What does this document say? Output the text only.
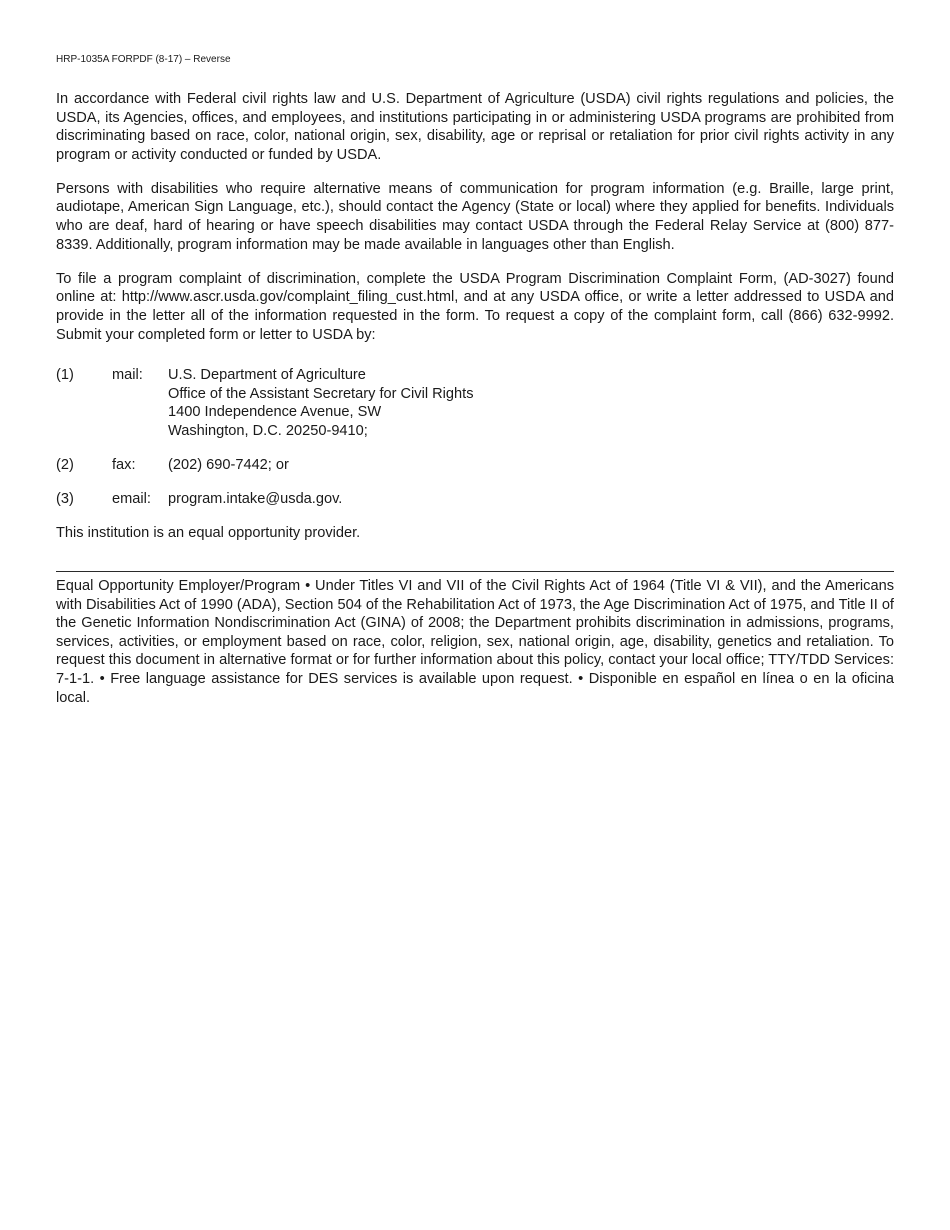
HRP-1035A FORPDF (8-17) – Reverse

In accordance with Federal civil rights law and U.S. Department of Agriculture (USDA) civil rights regulations and policies, the USDA, its Agencies, offices, and employees, and institutions participating in or administering USDA programs are prohibited from discriminating based on race, color, national origin, sex, disability, age or reprisal or retaliation for prior civil rights activity in any program or activity conducted or funded by USDA.

Persons with disabilities who require alternative means of communication for program information (e.g. Braille, large print, audiotape, American Sign Language, etc.), should contact the Agency (State or local) where they applied for benefits. Individuals who are deaf, hard of hearing or have speech disabilities may contact USDA through the Federal Relay Service at (800) 877-8339. Additionally, program information may be made available in languages other than English.

To file a program complaint of discrimination, complete the USDA Program Discrimination Complaint Form, (AD-3027) found online at: http://www.ascr.usda.gov/complaint_filing_cust.html, and at any USDA office, or write a letter addressed to USDA and provide in the letter all of the information requested in the form. To request a copy of the complaint form, call (866) 632-9992. Submit your completed form or letter to USDA by:

(1)	mail:	U.S. Department of Agriculture
Office of the Assistant Secretary for Civil Rights
1400 Independence Avenue, SW
Washington, D.C. 20250-9410;
(2)	fax:	(202) 690-7442; or
(3)	email:	program.intake@usda.gov.

This institution is an equal opportunity provider.

Equal Opportunity Employer/Program • Under Titles VI and VII of the Civil Rights Act of 1964 (Title VI & VII), and the Americans with Disabilities Act of 1990 (ADA), Section 504 of the Rehabilitation Act of 1973, the Age Discrimination Act of 1975, and Title II of the Genetic Information Nondiscrimination Act (GINA) of 2008; the Department prohibits discrimination in admissions, programs, services, activities, or employment based on race, color, religion, sex, national origin, age, disability, genetics and retaliation. To request this document in alternative format or for further information about this policy, contact your local office; TTY/TDD Services: 7-1-1. • Free language assistance for DES services is available upon request. • Disponible en español en línea o en la oficina local.
